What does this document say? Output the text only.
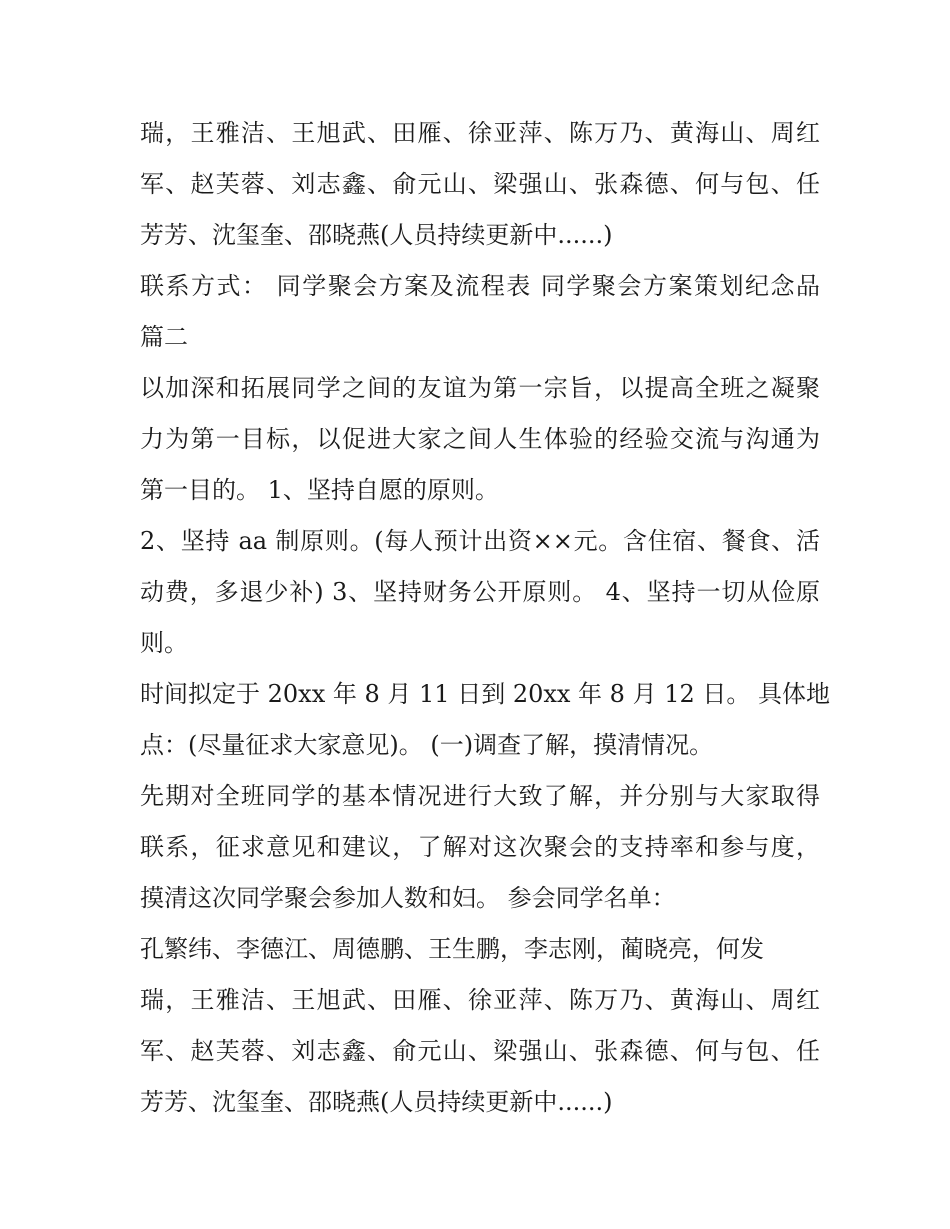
瑞，王雅洁、王旭武、田雁、徐亚萍、陈万乃、黄海山、周红
军、赵芙蓉、刘志鑫、俞元山、梁强山、张森德、何与包、任
芳芳、沈玺奎、邵晓燕(人员持续更新中......)
联系方式： 同学聚会方案及流程表 同学聚会方案策划纪念品
篇二
以加深和拓展同学之间的友谊为第一宗旨，以提高全班之凝聚
力为第一目标，以促进大家之间人生体验的经验交流与沟通为
第一目的。 1、坚持自愿的原则。
2、坚持 aa 制原则。(每人预计出资××元。含住宿、餐食、活
动费，多退少补) 3、坚持财务公开原则。 4、坚持一切从俭原
则。
时间拟定于 20xx 年 8 月 11 日到 20xx 年 8 月 12 日。 具体地
点：(尽量征求大家意见)。 (一)调查了解，摸清情况。
先期对全班同学的基本情况进行大致了解，并分别与大家取得
联系，征求意见和建议，了解对这次聚会的支持率和参与度，
摸清这次同学聚会参加人数和妇。 参会同学名单：
孔繁纬、李德江、周德鹏、王生鹏，李志刚，蔺晓亮，何发
瑞，王雅洁、王旭武、田雁、徐亚萍、陈万乃、黄海山、周红
军、赵芙蓉、刘志鑫、俞元山、梁强山、张森德、何与包、任
芳芳、沈玺奎、邵晓燕(人员持续更新中......)
